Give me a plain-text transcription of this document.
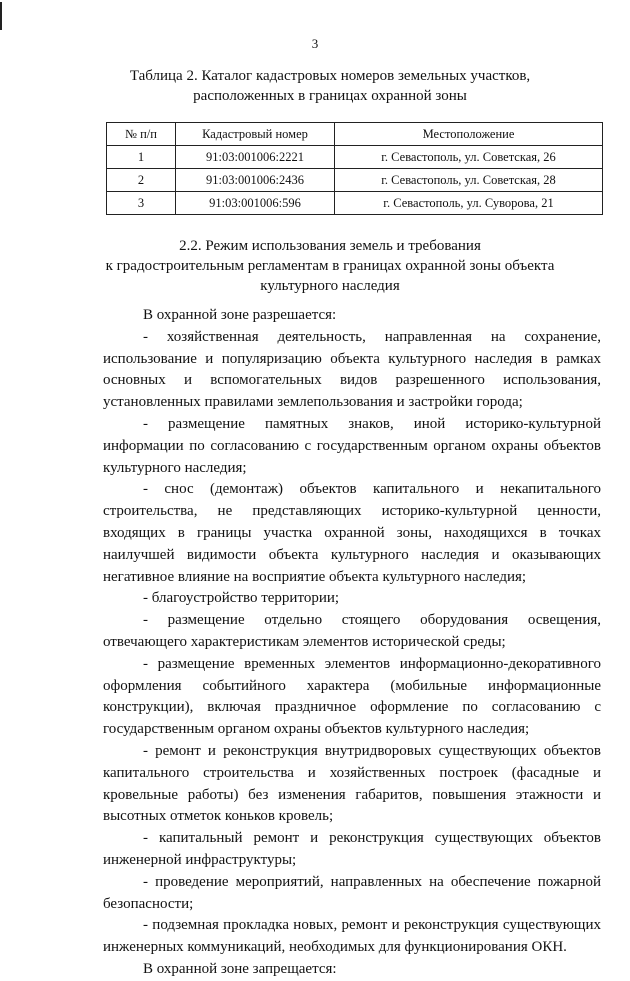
3
Таблица 2. Каталог кадастровых номеров земельных участков,
расположенных в границах охранной зоны
№ п/п	Кадастровый номер	Местоположение
1	91:03:001006:2221	г. Севастополь, ул. Советская, 26
2	91:03:001006:2436	г. Севастополь, ул. Советская, 28
3	91:03:001006:596	г. Севастополь, ул. Суворова, 21
2.2. Режим использования земель и требования
к градостроительным регламентам в границах охранной зоны объекта
культурного наследия

В охранной зоне разрешается:

- хозяйственная деятельность, направленная на сохранение, использование и популяризацию объекта культурного наследия в рамках основных и вспомогательных видов разрешенного использования, установленных правилами землепользования и застройки города;

- размещение памятных знаков, иной историко-культурной информации по согласованию с государственным органом охраны объектов культурного наследия;

- снос (демонтаж) объектов капитального и некапитального строительства, не представляющих историко-культурной ценности, входящих в границы участка охранной зоны, находящихся в точках наилучшей видимости объекта культурного наследия и оказывающих негативное влияние на восприятие объекта культурного наследия;

- благоустройство территории;

- размещение отдельно стоящего оборудования освещения, отвечающего характеристикам элементов исторической среды;

- размещение временных элементов информационно-декоративного оформления событийного характера (мобильные информационные конструкции), включая праздничное оформление по согласованию с государственным органом охраны объектов культурного наследия;

- ремонт и реконструкция внутридворовых существующих объектов капитального строительства и хозяйственных построек (фасадные и кровельные работы) без изменения габаритов, повышения этажности и высотных отметок коньков кровель;

- капитальный ремонт и реконструкция существующих объектов инженерной инфраструктуры;

- проведение мероприятий, направленных на обеспечение пожарной безопасности;

- подземная прокладка новых, ремонт и реконструкция существующих инженерных коммуникаций, необходимых для функционирования ОКН.

В охранной зоне запрещается:
